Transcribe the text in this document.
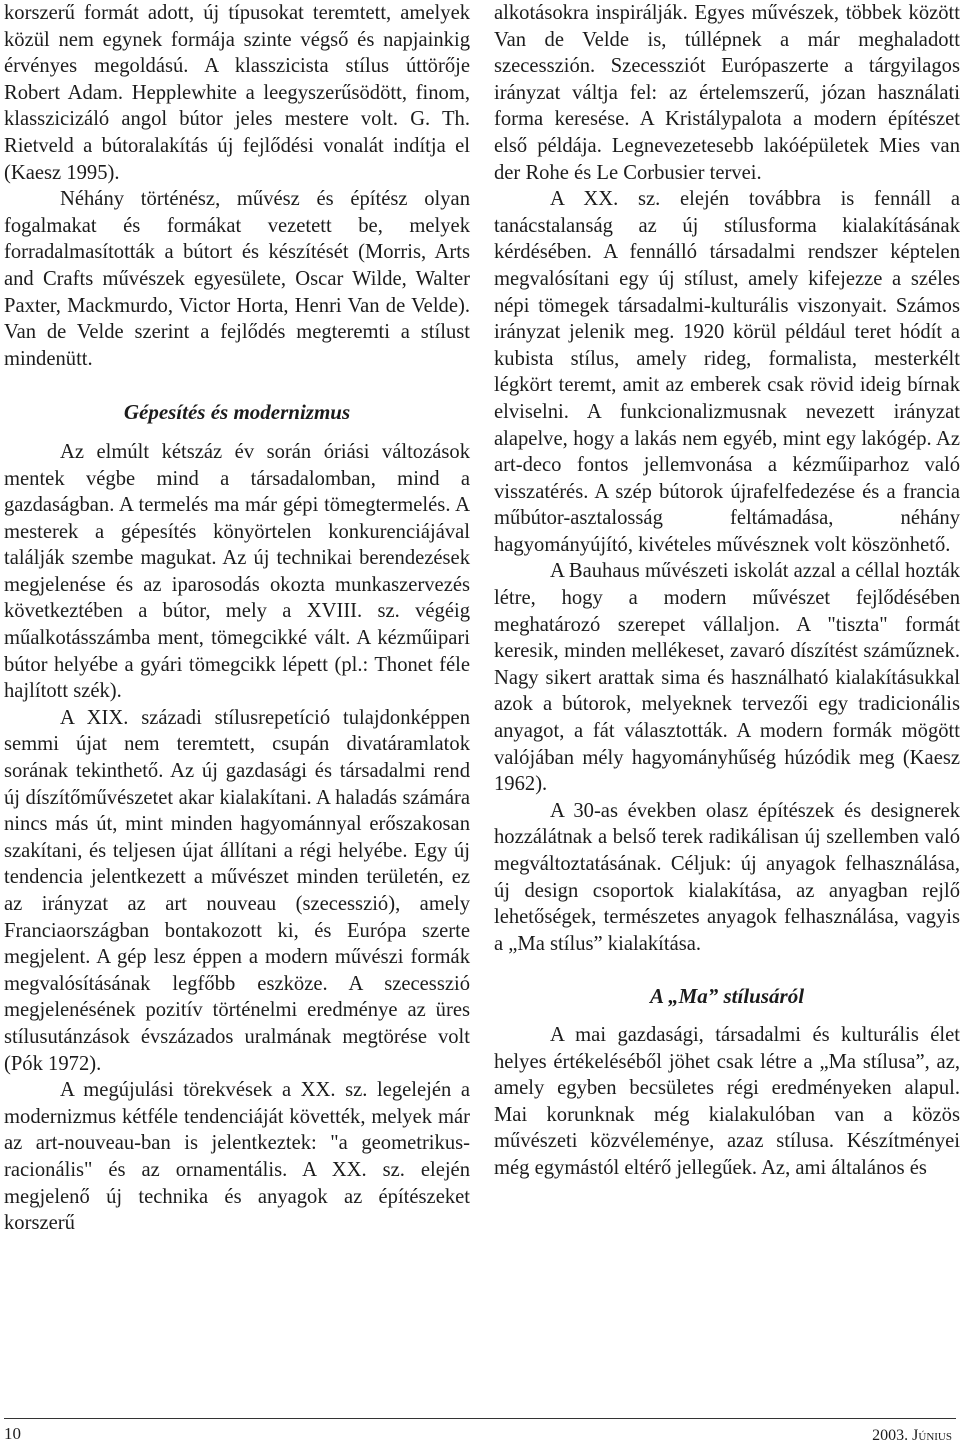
korszerű formát adott, új típusokat teremtett, amelyek közül nem egynek formája szinte végső és napjainkig érvényes megoldású. A klasszicista stílus úttörője Robert Adam. Hepplewhite a leegyszerűsödött, finom, klasszicizáló angol bútor jeles mestere volt. G. Th. Rietveld a bútoralakítás új fejlődési vonalát indítja el (Kaesz 1995).

Néhány történész, művész és építész olyan fogalmakat és formákat vezetett be, melyek forradalmasították a bútort és készítését (Morris, Arts and Crafts művészek egyesülete, Oscar Wilde, Walter Paxter, Mackmurdo, Victor Horta, Henri Van de Velde). Van de Velde szerint a fejlődés megteremti a stílust mindenütt.

Gépesítés és modernizmus

Az elmúlt kétszáz év során óriási változások mentek végbe mind a társadalomban, mind a gazdaságban. A termelés ma már gépi tömegtermelés. A mesterek a gépesítés könyörtelen konkurenciájával találják szembe magukat. Az új technikai berendezések megjelenése és az iparosodás okozta munkaszervezés következtében a bútor, mely a XVIII. sz. végéig műalkotásszámba ment, tömegcikké vált. A kézműipari bútor helyébe a gyári tömegcikk lépett (pl.: Thonet féle hajlított szék).

A XIX. századi stílusrepetíció tulajdonképpen semmi újat nem teremtett, csupán divatáramlatok sorának tekinthető. Az új gazdasági és társadalmi rend új díszítőművészetet akar kialakítani. A haladás számára nincs más út, mint minden hagyománnyal erőszakosan szakítani, és teljesen újat állítani a régi helyébe. Egy új tendencia jelentkezett a művészet minden területén, ez az irányzat az art nouveau (szecesszió), amely Franciaországban bontakozott ki, és Európa szerte megjelent. A gép lesz éppen a modern művészi formák megvalósításának legfőbb eszköze. A szecesszió megjelenésének pozitív történelmi eredménye az üres stílusutánzások évszázados uralmának megtörése volt (Pók 1972).

A megújulási törekvések a XX. sz. legelején a modernizmus kétféle tendenciáját követték, melyek már az art-nouveau-ban is jelentkeztek: "a geometrikus-racionális" és az ornamentális. A XX. sz. elején megjelenő új technika és anyagok az építészeket korszerű

alkotásokra inspirálják. Egyes művészek, többek között Van de Velde is, túllépnek a már meghaladott szecesszión. Szecessziót Európaszerte a tárgyilagos irányzat váltja fel: az értelemszerű, józan használati forma keresése. A Kristálypalota a modern építészet első példája. Legnevezetesebb lakóépületek Mies van der Rohe és Le Corbusier tervei.

A XX. sz. elején továbbra is fennáll a tanácstalanság az új stílusforma kialakításának kérdésében. A fennálló társadalmi rendszer képtelen megvalósítani egy új stílust, amely kifejezze a széles népi tömegek társadalmi-kulturális viszonyait. Számos irányzat jelenik meg. 1920 körül például teret hódít a kubista stílus, amely rideg, formalista, mesterkélt légkört teremt, amit az emberek csak rövid ideig bírnak elviselni. A funkcionalizmusnak nevezett irányzat alapelve, hogy a lakás nem egyéb, mint egy lakógép. Az art-deco fontos jellemvonása a kézműiparhoz való visszatérés. A szép bútorok újrafelfedezése és a francia műbútor-asztalosság feltámadása, néhány hagyományújító, kivételes művésznek volt köszönhető.

A Bauhaus művészeti iskolát azzal a céllal hozták létre, hogy a modern művészet fejlődésében meghatározó szerepet vállaljon. A "tiszta" formát keresik, minden mellékeset, zavaró díszítést száműznek. Nagy sikert arattak sima és használható kialakításukkal azok a bútorok, melyeknek tervezői egy tradicionális anyagot, a fát választották. A modern formák mögött valójában mély hagyományhűség húzódik meg (Kaesz 1962).

A 30-as években olasz építészek és designerek hozzálátnak a belső terek radikálisan új szellemben való megváltoztatásának. Céljuk: új anyagok felhasználása, új design csoportok kialakítása, az anyagban rejlő lehetőségek, természetes anyagok felhasználása, vagyis a „Ma stílus” kialakítása.

A „Ma” stílusáról

A mai gazdasági, társadalmi és kulturális élet helyes értékeléséből jöhet csak létre a „Ma stílusa”, az, amely egyben becsületes régi eredményeken alapul. Mai korunknak még kialakulóban van a közös művészeti közvéleménye, azaz stílusa. Készítményei még egymástól eltérő jellegűek. Az, ami általános és

10	2003. Június
